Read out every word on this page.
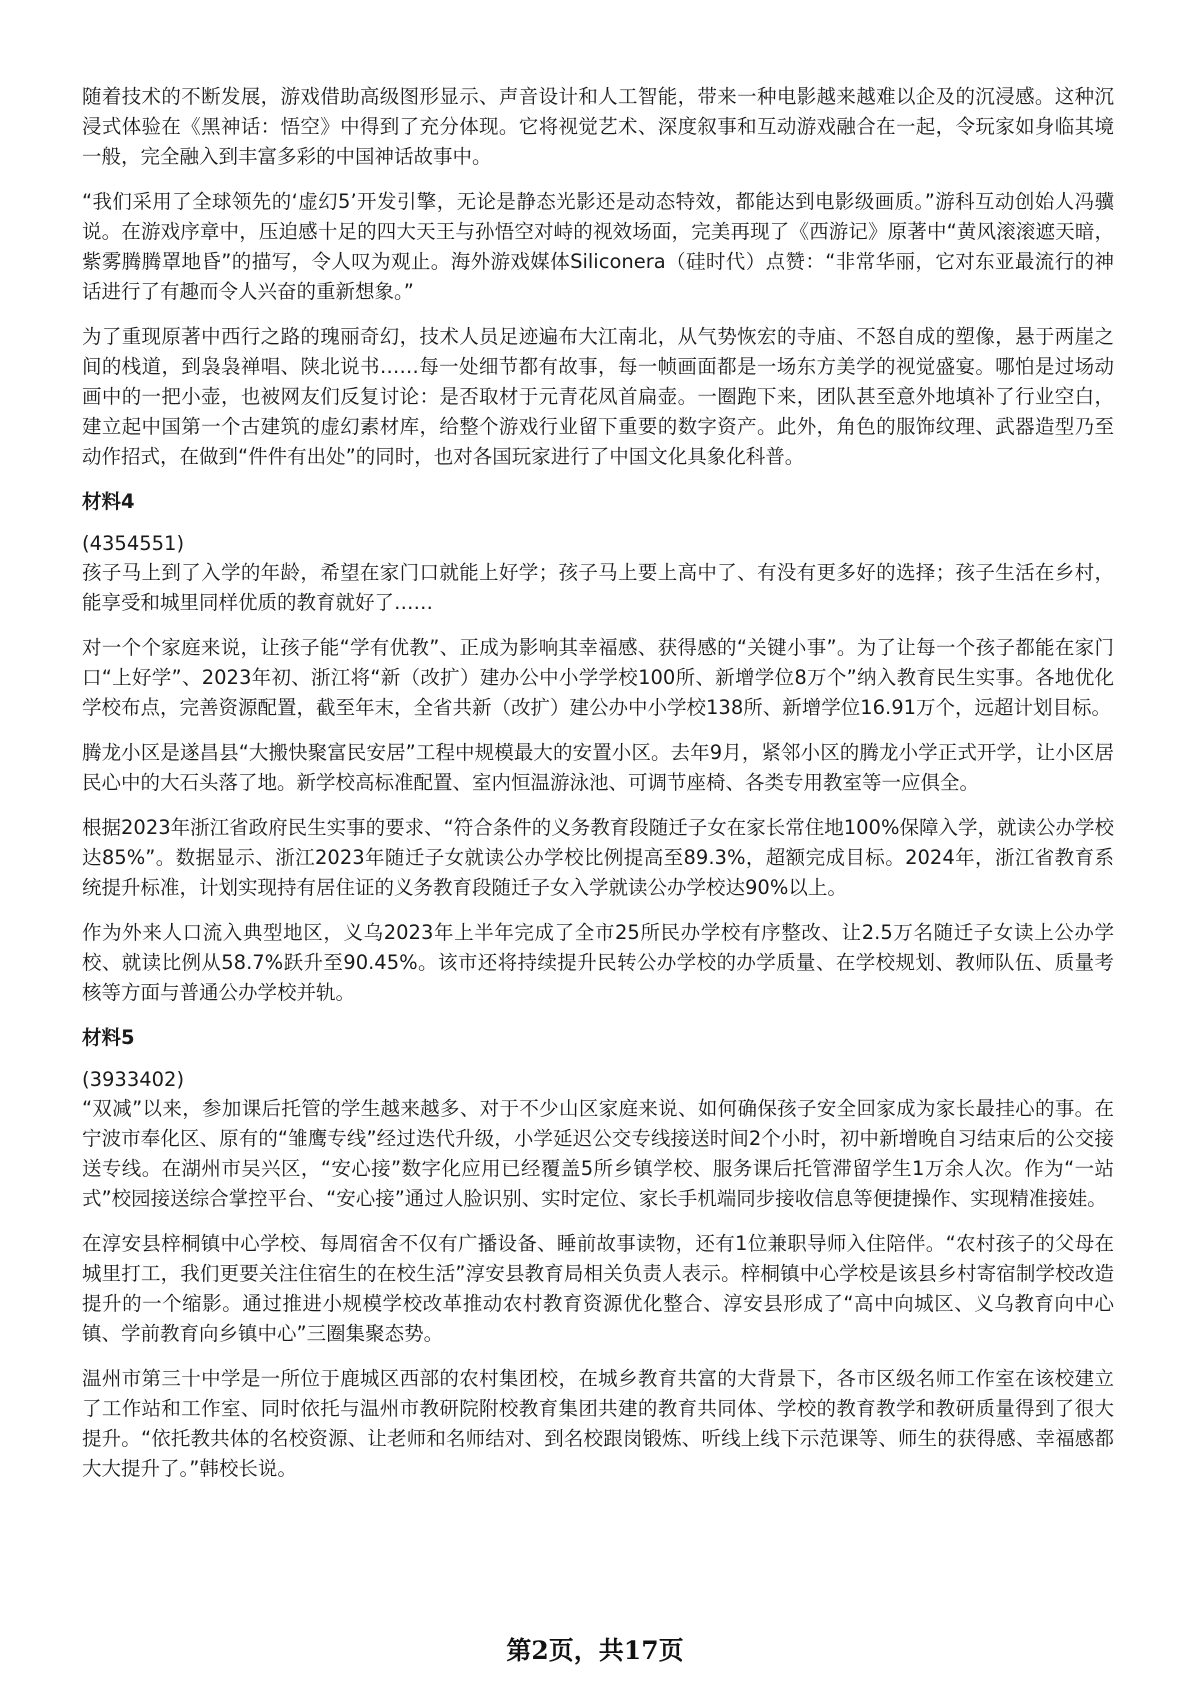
随着技术的不断发展，游戏借助高级图形显示、声音设计和人工智能，带来一种电影越来越难以企及的沉浸感。这种沉浸式体验在《黑神话：悟空》中得到了充分体现。它将视觉艺术、深度叙事和互动游戏融合在一起，令玩家如身临其境一般，完全融入到丰富多彩的中国神话故事中。

“我们采用了全球领先的‘虚幻5’开发引擎，无论是静态光影还是动态特效，都能达到电影级画质。”游科互动创始人冯骥说。在游戏序章中，压迫感十足的四大天王与孙悟空对峙的视效场面，完美再现了《西游记》原著中“黄风滚滚遮天暗，紫雾腾腾罩地昏”的描写，令人叹为观止。海外游戏媒体Siliconera（硅时代）点赞：“非常华丽，它对东亚最流行的神话进行了有趣而令人兴奋的重新想象。”

为了重现原著中西行之路的瑰丽奇幻，技术人员足迹遍布大江南北，从气势恢宏的寺庙、不怒自成的塑像，悬于两崖之间的栈道，到袅袅禅唱、陕北说书……每一处细节都有故事，每一帧画面都是一场东方美学的视觉盛宴。哪怕是过场动画中的一把小壶，也被网友们反复讨论：是否取材于元青花凤首扁壶。一圈跑下来，团队甚至意外地填补了行业空白，建立起中国第一个古建筑的虚幻素材库，给整个游戏行业留下重要的数字资产。此外，角色的服饰纹理、武器造型乃至动作招式，在做到“件件有出处”的同时，也对各国玩家进行了中国文化具象化科普。

材料4
(4354551)

孩子马上到了入学的年龄，希望在家门口就能上好学；孩子马上要上高中了、有没有更多好的选择；孩子生活在乡村，能享受和城里同样优质的教育就好了……

对一个个家庭来说，让孩子能“学有优教”、正成为影响其幸福感、获得感的“关键小事”。为了让每一个孩子都能在家门口“上好学”、2023年初、浙江将“新（改扩）建办公中小学学校100所、新增学位8万个”纳入教育民生实事。各地优化学校布点，完善资源配置，截至年末，全省共新（改扩）建公办中小学校138所、新增学位16.91万个，远超计划目标。

腾龙小区是遂昌县“大搬快聚富民安居”工程中规模最大的安置小区。去年9月，紧邻小区的腾龙小学正式开学，让小区居民心中的大石头落了地。新学校高标准配置、室内恒温游泳池、可调节座椅、各类专用教室等一应俱全。

根据2023年浙江省政府民生实事的要求、“符合条件的义务教育段随迁子女在家长常住地100%保障入学，就读公办学校达85%”。数据显示、浙江2023年随迁子女就读公办学校比例提高至89.3%，超额完成目标。2024年，浙江省教育系统提升标准，计划实现持有居住证的义务教育段随迁子女入学就读公办学校达90%以上。

作为外来人口流入典型地区，义乌2023年上半年完成了全市25所民办学校有序整改、让2.5万名随迁子女读上公办学校、就读比例从58.7%跃升至90.45%。该市还将持续提升民转公办学校的办学质量、在学校规划、教师队伍、质量考核等方面与普通公办学校并轨。

材料5
(3933402)

“双减”以来，参加课后托管的学生越来越多、对于不少山区家庭来说、如何确保孩子安全回家成为家长最挂心的事。在宁波市奉化区、原有的“雏鹰专线”经过迭代升级，小学延迟公交专线接送时间2个小时，初中新增晚自习结束后的公交接送专线。在湖州市吴兴区，“安心接”数字化应用已经覆盖5所乡镇学校、服务课后托管滞留学生1万余人次。作为“一站式”校园接送综合掌控平台、“安心接”通过人脸识别、实时定位、家长手机端同步接收信息等便捷操作、实现精准接娃。

在淳安县梓桐镇中心学校、每周宿舍不仅有广播设备、睡前故事读物，还有1位兼职导师入住陪伴。“农村孩子的父母在城里打工，我们更要关注住宿生的在校生活”淳安县教育局相关负责人表示。梓桐镇中心学校是该县乡村寄宿制学校改造提升的一个缩影。通过推进小规模学校改革推动农村教育资源优化整合、淳安县形成了“高中向城区、义乌教育向中心镇、学前教育向乡镇中心”三圈集聚态势。

温州市第三十中学是一所位于鹿城区西部的农村集团校，在城乡教育共富的大背景下，各市区级名师工作室在该校建立了工作站和工作室、同时依托与温州市教研院附校教育集团共建的教育共同体、学校的教育教学和教研质量得到了很大提升。“依托教共体的名校资源、让老师和名师结对、到名校跟岗锻炼、听线上线下示范课等、师生的获得感、幸福感都大大提升了。”韩校长说。

第2页，共17页
